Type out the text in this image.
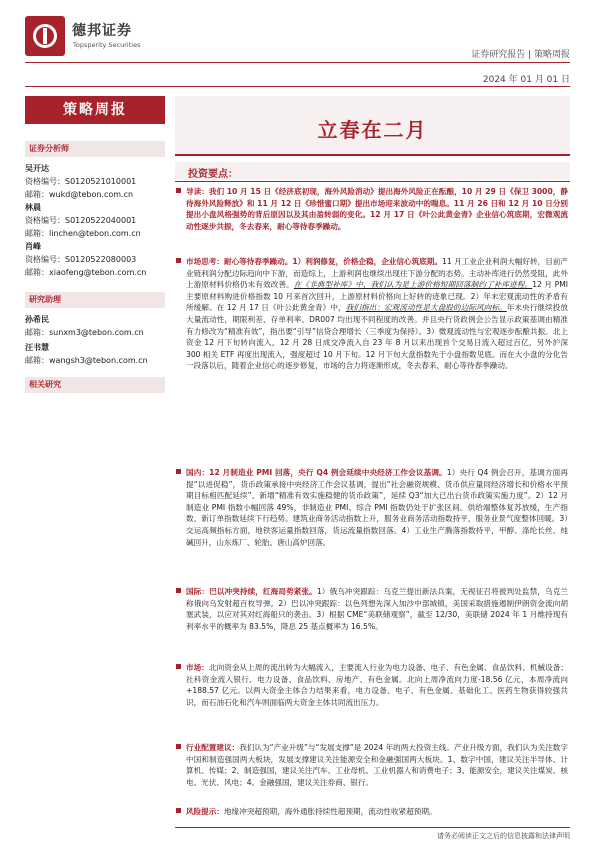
德邦证券
Topsperity Securities
证券研究报告 | 策略周报
2024 年 01 月 01 日
策略周报
证券分析师
吴开达
资格编号：S0120521010001
邮箱：wukd@tebon.com.cn
林晨
资格编号：S0120522040001
邮箱：linchen@tebon.com.cn
肖峰
资格编号：S0120522080003
邮箱：xiaofeng@tebon.com.cn
研究助理
孙希民
邮箱：sunxm3@tebon.com.cn
汪书慧
邮箱：wangsh3@tebon.com.cn
相关研究
立春在二月
投资要点：
导读：我们 10 月 15 日《经济底初现，海外风险消动》提出海外风险正在酝酿，10 月 29 日《保卫 3000，静待海外风险释放》和 11 月 12 日《珍惜蜜口期》提出市场迎来波动中的喘息。11 月 26 日和 12 月 10 日分别提出小盘风格强势的背后原因以及其由盈转弱的变化。12 月 17 日《叶公此黄金青》企业信心筑底期，宏微观流动性逐步共振，冬去春来，耐心等待春季躁动。
市场思考：耐心等待春季躁动。1）利润修复，价格企稳，企业信心筑底期。11 月工业企业利润大幅好转，目前产业链利润分配边际趋向中下游，而造综上，上游利润也继续出现往下游分配的态势。主动补库进行仍然受阻，此外上游原材料价格仍未有效改善。在《非典型补库》中，我们认为是上游价格短期回落制约了补库进程。12 月 PMI 主要原材料购进价格指数 10 月来首次回升，上游原材料价格向上好转的迹象已现。2）年末宏观流动性的矛盾有所缓解。在 12 月 17 日《叶公此黄金青》中，我们指出：宏观流动性是大盘股的边际风向标。年末央行继续投放大量流动性，期限利差、存单利率、DR007 均出现不同程度的改善。并且央行货政例会公告显示政策基调由精准有力修改为“精准有效”，指出要“引导”信贷合理增长（三季度为保持）。3）微观流动性与宏观逐步酝酿共振。北上资金 12 月下旬转向流入，12 月 28 日成交净流入自 23 年 8 月以来出现首个交易日流入超过百亿，另外沪深 300 相关 ETF 再度出现流入，强度超过 10 月下旬。12 月下旬大盘指数先于小盘指数见底。而在大小盘的分化告一段落以后，随着企业信心的逐步修复，市场的合力将逐渐形成，冬去春来，耐心等待春季躁动。
国内：12 月制造业 PMI 回落，央行 Q4 例会延续中央经济工作会议基调。1）央行 Q4 例会召开，基调方面再提“以进促稳”，货币政策承接中央经济工作会议基调，提出“社会融资规模、货币供应量同经济增长和价格水平预期目标相匹配延续”、新增“精准有效实施稳健的货币政策”，延续 Q3“加大已出台货币政策实施力度”。2）12 月制造业 PMI 指数小幅回落 49%，非制造业 PMI、综合 PMI 指数仍处于扩张区间。供给端整体复苏放缓，生产指数、新订单指数延续下行趋势。建筑业商务活动指数上升，服务业商务活动指数持平，服务业景气度整体回暖。3）交运高频指标方面，地铁客运量指数回落，货运流量指数回落。4）工业生产腾落指数持平，甲醇、涤纶长丝、纯碱回升，山东炼厂、轮胎、唐山高炉回落。
国际：巴以冲突持续，红海局势紧张。1）俄乌冲突跟踪：乌克兰提出新法兵案，无视征召将被判处监禁，乌克兰称俄向乌发射超百枚导弹。2）巴以冲突跟踪：以色列想先深入加沙中部城镇，美国采取措施遏制伊朗资金流向胡塞武装，以应对其对红海船只的袭击。3）根据 CME“美联储观察”，截至 12/30，美联储 2024 年 1 月维持现有利率水平的概率为 83.5%，降息 25 基点概率为 16.5%。
市场：北向资金从上周的流出转为大幅流入，主要流入行业为电力设备、电子、有色金属、食品饮料、机械设备；社科资金流入银行、电力设备、食品饮料、房地产、有色金属。北向上周净流向力度-18.56 亿元，本周净流向+188.57 亿元。以两大资金主体合力结果来看，电力设备、电子、有色金属、基础化工、医药生物获得较强共识，而石油石化和汽车则面临两大资金主体共同流出压力。
行业配置建议：我们认为“产业升级”与“发展支撑”是 2024 年的两大投资主线。产业升级方面，我们认为关注数字中国和制造强国两大板块，发展支撑建议关注能源安全和金融强国两大板块。1、数字中国，建议关注半导体、计算机、传媒；2、制造强国，建议关注汽车、工业母机、工业机器人和消费电子；3、能源安全，建议关注煤炭、核电、光伏、风电；4、金融强国，建议关注券商、银行。
风险提示：地缘冲突超预期，海外通胀持续性超预期，流动性收紧超预期。
请务必阅读正文之后的信息披露和法律声明
